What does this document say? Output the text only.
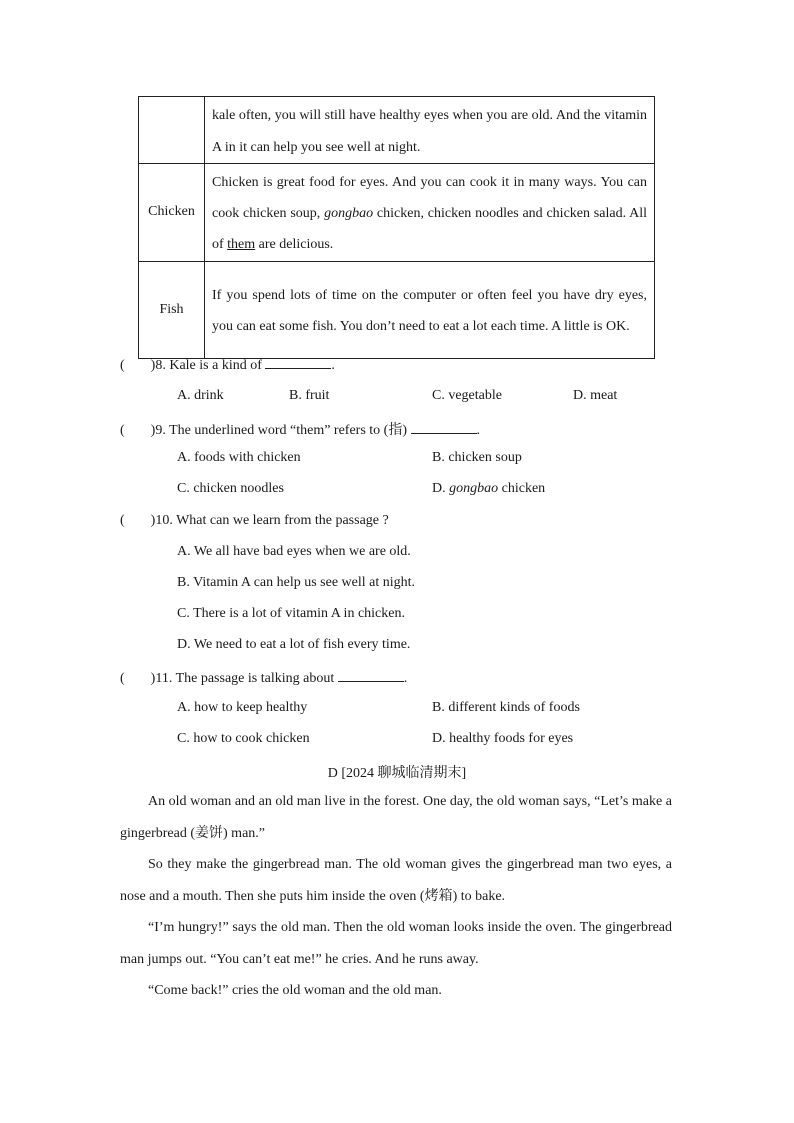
	kale often, you will still have healthy eyes when you are old. And the vitamin A in it can help you see well at night.
Chicken	Chicken is great food for eyes. And you can cook it in many ways. You can cook chicken soup, gongbao chicken, chicken noodles and chicken salad. All of them are delicious.
Fish	If you spend lots of time on the computer or often feel you have dry eyes, you can eat some fish. You don’t need to eat a lot each time. A little is OK.
( )8. Kale is a kind of	.
A. drink	B. fruit	C. vegetable	D. meat
( )9. The underlined word “them” refers to (指)	.
A. foods with chicken	B. chicken soup
C. chicken noodles	D. gongbao chicken
( )10. What can we learn from the passage ?
A. We all have bad eyes when we are old.
B. Vitamin A can help us see well at night.
C. There is a lot of vitamin A in chicken.
D. We need to eat a lot of fish every time.
( )11. The passage is talking about	.
A. how to keep healthy	B. different kinds of foods
C. how to cook chicken	D. healthy foods for eyes
D [2024 聊城临清期末]

An old woman and an old man live in the forest. One day, the old woman says, “Let’s make a gingerbread (姜饼) man.”

So they make the gingerbread man. The old woman gives the gingerbread man two eyes, a nose and a mouth. Then she puts him inside the oven (烤箱) to bake.

“I’m hungry!” says the old man. Then the old woman looks inside the oven. The gingerbread man jumps out. “You can’t eat me!” he cries. And he runs away.

“Come back!” cries the old woman and the old man.
